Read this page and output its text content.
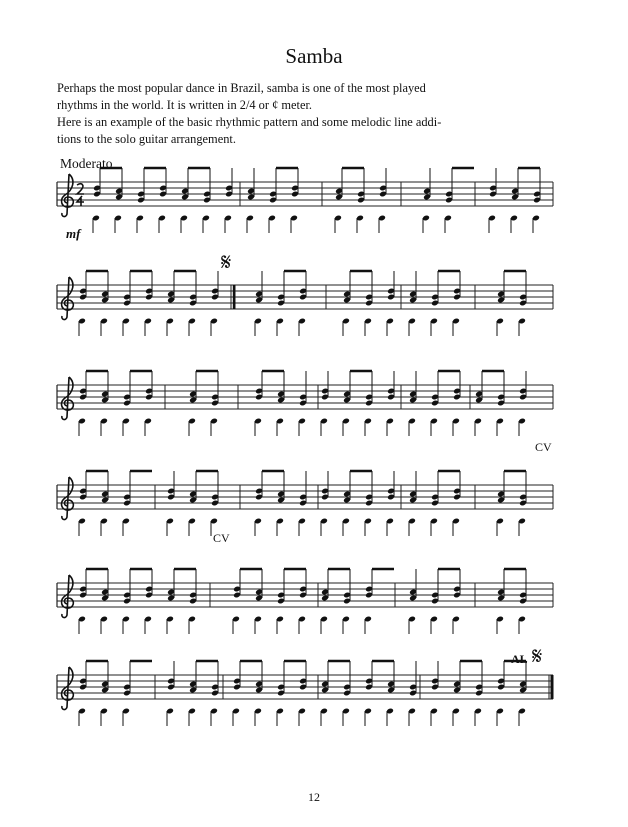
Samba
Perhaps the most popular dance in Brazil, samba is one of the most played
rhythms in the world. It is written in 2/4 or ¢ meter.
Here is an example of the basic rhythmic pattern and some melodic line addi-
tions to the solo guitar arrangement.
Moderato
mf
𝄋
CV
CV
AL 𝄋
12
